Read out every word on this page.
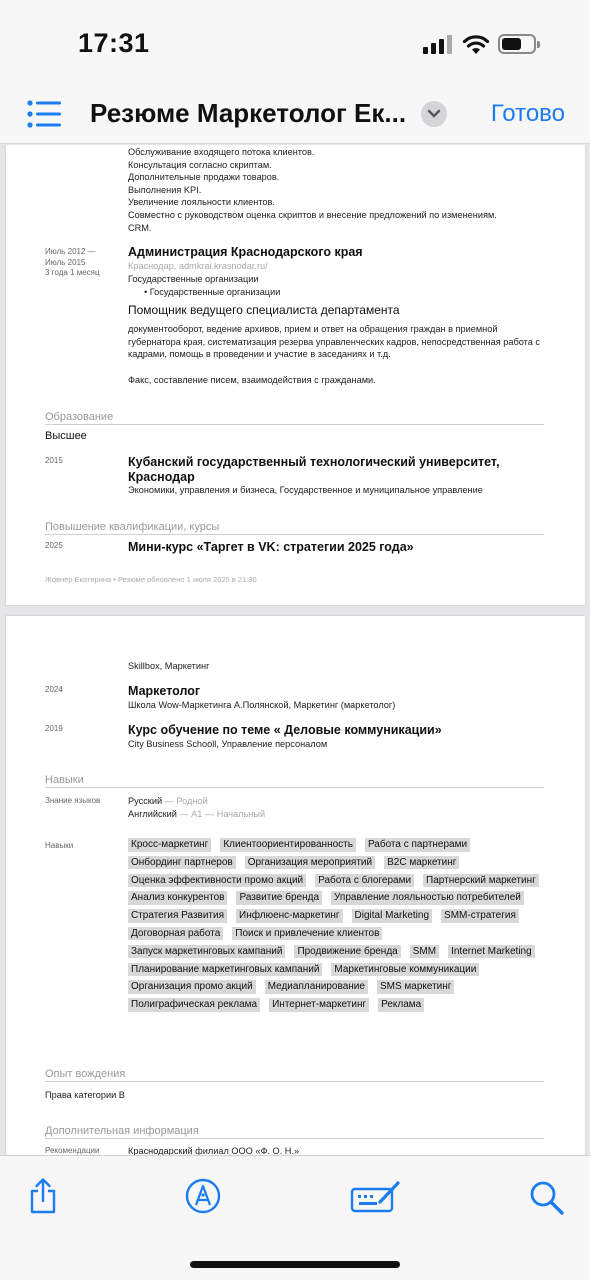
17:31
Резюме Маркетолог Ек...	Готово
Обслуживание входящего потока клиентов.
Консультация согласно скриптам.
Дополнительные продажи товаров.
Выполнения KPI.
Увеличение лояльности клиентов.
Совместно с руководством оценка скриптов и внесение предложений по изменениям.
CRM.
Июль 2012 —
Июль 2015
3 года 1 месяц
Администрация Краснодарского края
Краснодар, admkrai.krasnodar.ru/
Государственные организации
• Государственные организации
Помощник ведущего специалиста департамента
документооборот, ведение архивов, прием и ответ на обращения граждан в приемной
губернатора края, систематизация резерва управленческих кадров, непосредственная работа с
кадрами, помощь в проведении и участие в заседаниях и т.д.
Факс, составление писем, взаимодействия с гражданами.
Образование
Высшее
2015	Кубанский государственный технологический университет,
Краснодар
Экономики, управления и бизнеса, Государственное и муниципальное управление
Повышение квалификации, курсы
2025	Мини-курс «Таргет в VK: стратегии 2025 года»
Жовнер Екатерина • Резюме обновлено 1 июля 2025 в 21:30
Skillbox, Маркетинг
2024	Маркетолог
Школа Wow-Маркетинга А.Полянской, Маркетинг (маркетолог)
2019	Курс обучение по теме « Деловые коммуникации»
City Business Schooll, Управление персоналом
Навыки
Знание языков	Русский — Родной
Английский — A1 — Начальный
Навыки	Кросс-маркетинг	Клиентоориентированность	Работа с партнерами
Онбординг партнеров	Организация мероприятий	B2C маркетинг
Оценка эффективности промо акций	Работа с блогерами	Партнерский маркетинг
Анализ конкурентов	Развитие бренда	Управление лояльностью потребителей
Стратегия Развития	Инфлюенс-маркетинг	Digital Marketing	SMM-стратегия
Договорная работа	Поиск и привлечение клиентов
Запуск маркетинговых кампаний	Продвижение бренда	SMM	Internet Marketing
Планирование маркетинговых кампаний	Маркетинговые коммуникации
Организация промо акций	Медиапланирование	SMS маркетинг
Полиграфическая реклама	Интернет-маркетинг	Реклама
Опыт вождения
Права категории B
Дополнительная информация
Рекомендации	Краснодарский филиал ООО «Ф. О. Н.»
